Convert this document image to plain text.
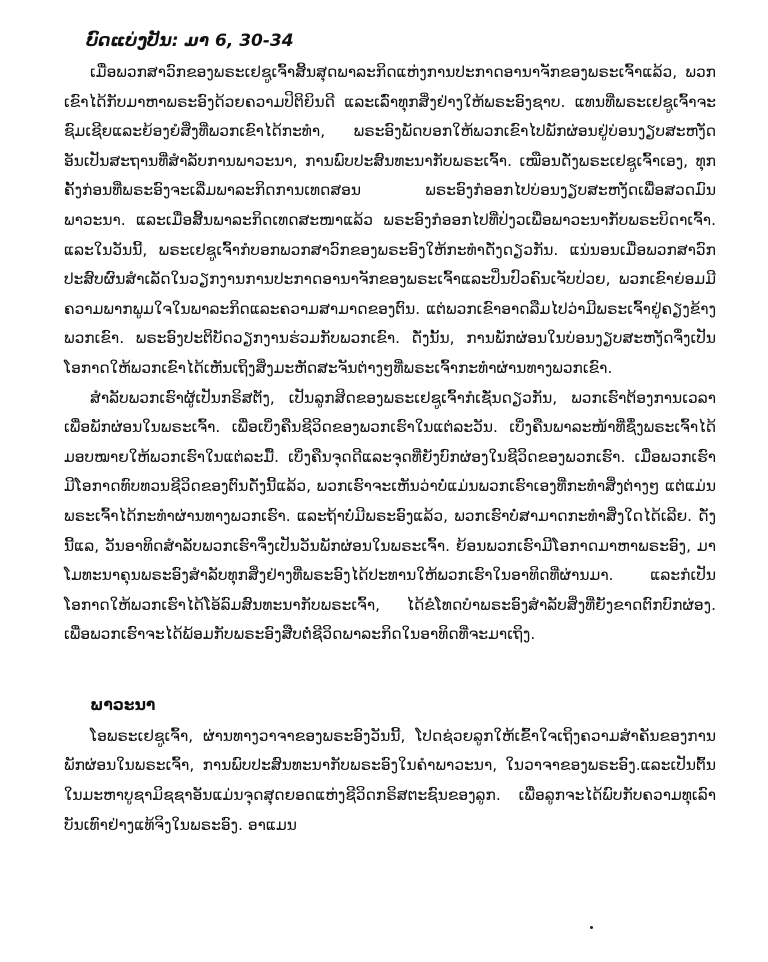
ບົດແບ່ງປັນ: ມາ 6, 30-34

ເມື່ອພວກສາວົກຂອງພຣະເຢຊູເຈົ້າສິ້ນສຸດພາລະກິດແຫ່ງການປະກາດອານາຈັກຂອງພຣະເຈົ້າແລ້ວ, ພວກເຂົາໄດ້ກັບມາຫາພຣະອົງດ້ວຍຄວາມປິຕິຍິນດີ ແລະເລົ່າທຸກສິ່ງຢ່າງໃຫ້ພຣະອົງຊາບ. ແທນທີ່ພຣະເຢຊູເຈົ້າຈະຊົມເຊີຍແລະຍ້ອງຍໍສິ່ງທີ່ພວກເຂົາໄດ້ກະທຳ, ພຣະອົງພັດບອກໃຫ້ພວກເຂົາໄປພັກຜ່ອນຢູ່ບ່ອນງຽບສະຫງັດ ອັນເປັນສະຖານທີ່ສຳລັບການພາວະນາ, ການພົບປະສົນທະນາກັບພຣະເຈົ້າ. ເໝືອນດັ່ງພຣະເຢຊູເຈົ້າເອງ, ທຸກຄັ້ງກ່ອນທີ່ພຣະອົງຈະເລີ່ມພາລະກິດການເທດສອນ ພຣະອົງກໍອອກໄປບ່ອນງຽບສະຫງັດເພື່ອສວດມົນພາວະນາ. ແລະເມື່ອສິ້ນພາລະກິດເທດສະໜາແລ້ວ ພຣະອົງກໍອອກໄປທີ່ປ່ງວເພື່ອພາວະນາກັບພຣະບິດາເຈົ້າ. ແລະໃນວັນນີ້, ພຣະເຢຊູເຈົ້າກໍບອກພວກສາວົກຂອງພຣະອົງໃຫ້ກະທຳດັ່ງດຽວກັນ. ແນ່ນອນເມື່ອພວກສາວົກປະສົບຜົນສຳເລັດໃນວຽກງານການປະກາດອານາຈັກຂອງພຣະເຈົ້າແລະປິ່ນປົວຄົນເຈັບປ່ວຍ, ພວກເຂົາຍ່ອມມີຄວາມພາກພູມໃຈໃນພາລະກິດແລະຄວາມສາມາດຂອງຕົນ. ແຕ່ພວກເຂົາອາດລືມໄປວ່າມີພຣະເຈົ້າຢູ່ຄຽງຂ້າງພວກເຂົາ. ພຣະອົງປະຕິບັດວຽກງານຮ່ວມກັບພວກເຂົາ. ດັ່ງນັ້ນ, ການພັກຜ່ອນໃນບ່ອນງຽບສະຫງັດຈຶ່ງເປັນໂອກາດໃຫ້ພວກເຂົາໄດ້ເຫັນເຖິງສິ່ງມະຫັດສະຈັນຕ່າງໆທີ່ພຣະເຈົ້າກະທຳຜ່ານທາງພວກເຂົາ.

ສຳລັບພວກເຮົາຜູ້ເປັນກຣິສຕັງ, ເປັນລູກສິດຂອງພຣະເຢຊູເຈົ້າກໍເຊັ່ນດຽວກັນ, ພວກເຮົາຕ້ອງການເວລາເພື່ອພັກຜ່ອນໃນພຣະເຈົ້າ. ເພື່ອເບິ່ງຄືນຊີວິດຂອງພວກເຮົາໃນແຕ່ລະວັນ. ເບິ່ງຄືນພາລະໜ້າທີ່ຊຶ່ງພຣະເຈົ້າໄດ້ມອບໝາຍໃຫ້ພວກເຮົາໃນແຕ່ລະມື້. ເບິ່ງຄືນຈຸດດີແລະຈຸດທີ່ຍັງບົກຜ່ອງໃນຊີວິດຂອງພວກເຮົາ. ເມື່ອພວກເຮົາມີໂອກາດທົບທວນຊີວິດຂອງຕົນດັ່ງນີ້ແລ້ວ, ພວກເຮົາຈະເຫັນວ່າບໍ່ແມ່ນພວກເຮົາເອງທີ່ກະທຳສິ່ງຕ່າງໆ ແຕ່ແມ່ນພຣະເຈົ້າໄດ້ກະທຳຜ່ານທາງພວກເຮົາ. ແລະຖ້າບໍ່ມີພຣະອົງແລ້ວ, ພວກເຮົາບໍ່ສາມາດກະທຳສິ່ງໃດໄດ້ເລີຍ. ດັ່ງນີ້ແລ, ວັນອາທິດສຳລັບພວກເຮົາຈຶ່ງເປັນວັນພັກຜ່ອນໃນພຣະເຈົ້າ. ຍ້ອນພວກເຮົາມີໂອກາດມາຫາພຣະອົງ, ມາໂມທະນາຄຸນພຣະອົງສຳລັບທຸກສິ່ງຢ່າງທີ່ພຣະອົງໄດ້ປະທານໃຫ້ພວກເຮົາໃນອາທິດທີ່ຜ່ານມາ. ແລະກໍເປັນໂອກາດໃຫ້ພວກເຮົາໄດ້ໂອ້ລົມສົນທະນາກັບພຣະເຈົ້າ, ໄດ້ຂໍໂທດບຳພຣະອົງສຳລັບສິ່ງທີ່ຍັງຂາດຕົກບົກຜ່ອງ. ເພື່ອພວກເຮົາຈະໄດ້ພ້ອມກັບພຣະອົງສືບຕໍ່ຊີວິດພາລະກິດໃນອາທິດທີ່ຈະມາເຖິງ.

ພາວະນາ

ໂອພຣະເຢຊູເຈົ້າ, ຜ່ານທາງວາຈາຂອງພຣະອົງວັນນີ້, ໂປດຊ່ວຍລູກໃຫ້ເຂົ້າໃຈເຖິງຄວາມສຳຄັນຂອງການພັກຜ່ອນໃນພຣະເຈົ້າ, ການພົບປະສົນທະນາກັບພຣະອົງໃນຄຳພາວະນາ, ໃນວາຈາຂອງພຣະອົງ.ແລະເປັນຕົ້ນໃນມະຫາບູຊາມິຊຊາອັນແມ່ນຈຸດສຸດຍອດແຫ່ງຊີວິດກຣິສຕະຊົນຂອງລູກ. ເພື່ອລູກຈະໄດ້ພົບກັບຄວາມທຸເລົາບັນເທົາຢ່າງແທ້ຈິງໃນພຣະອົງ. ອາແມນ
